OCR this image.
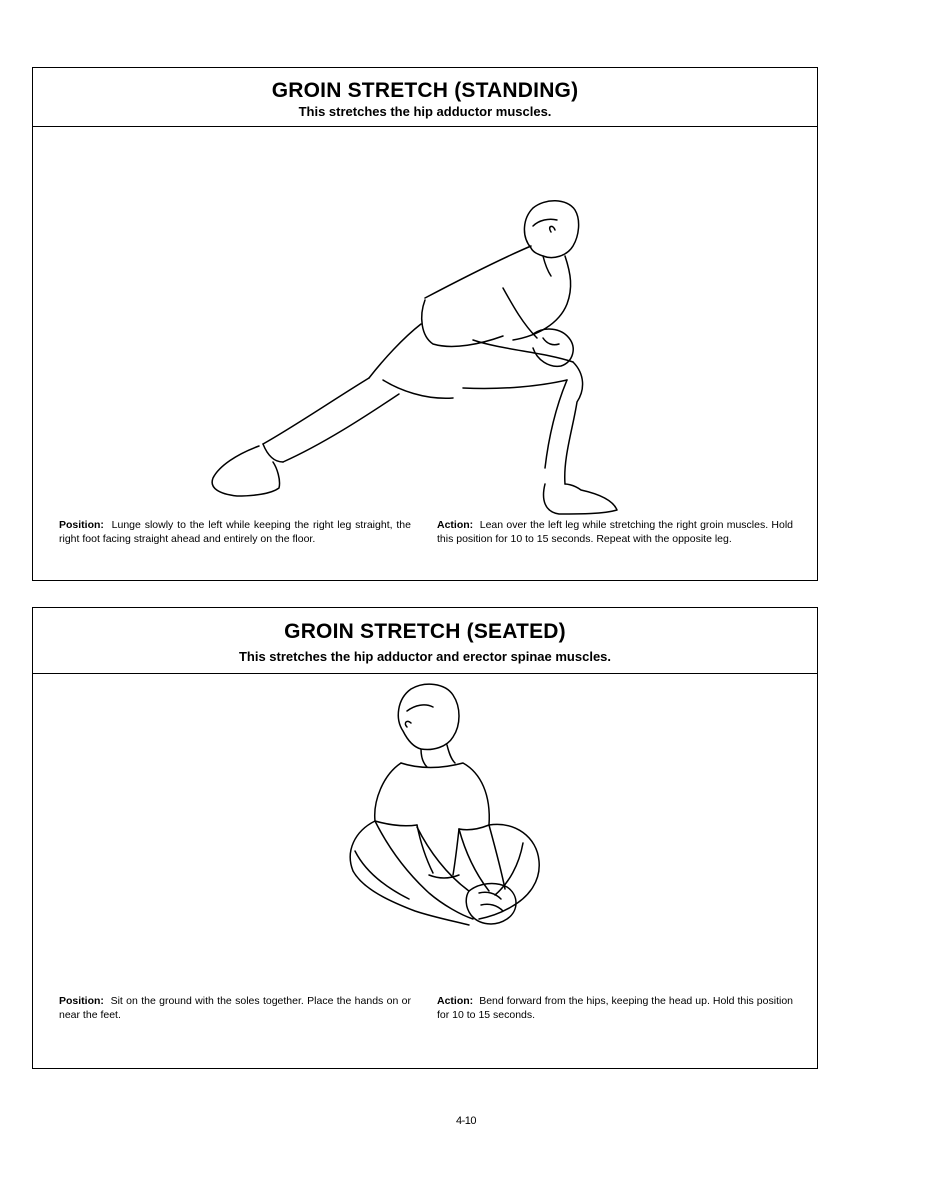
GROIN STRETCH (STANDING)
This stretches the hip adductor muscles.
Position: Lunge slowly to the left while keeping the right leg straight, the right foot facing straight ahead and entirely on the floor.
Action: Lean over the left leg while stretching the right groin muscles. Hold this position for 10 to 15 seconds. Repeat with the opposite leg.
GROIN STRETCH (SEATED)
This stretches the hip adductor and erector spinae muscles.
Position: Sit on the ground with the soles together. Place the hands on or near the feet.
Action: Bend forward from the hips, keeping the head up. Hold this position for 10 to 15 seconds.
4-10
